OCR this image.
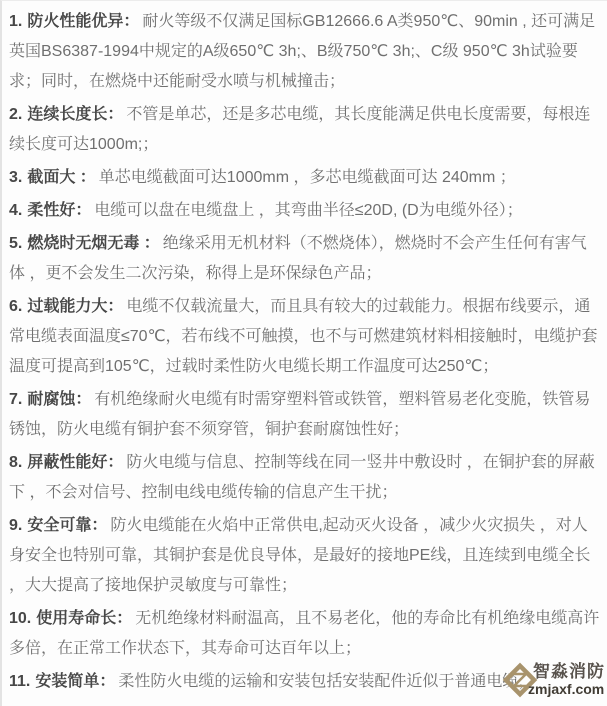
1. 防火性能优异： 耐火等级不仅满足国标GB12666.6 A类950℃、90min , 还可满足英国BS6387-1994中规定的A级650℃ 3h;、B级750℃ 3h;、C级 950℃ 3h试验要求；同时，在燃烧中还能耐受水喷与机械撞击；

2. 连续长度长： 不管是单芯，还是多芯电缆，其长度能满足供电长度需要，每根连续长度可达1000m;；

3. 截面大 ： 单芯电缆截面可达1000mm ，多芯电缆截面可达 240mm ；

4. 柔性好： 电缆可以盘在电缆盘上 ，其弯曲半径≤20D, (D为电缆外径）；

5. 燃烧时无烟无毒 ： 绝缘采用无机材料（不燃烧体），燃烧时不会产生任何有害气体 ，更不会发生二次污染，称得上是环保绿色产品；

6. 过载能力大： 电缆不仅载流量大，而且具有较大的过载能力。根据布线要示，通常电缆表面温度≤70℃，若布线不可触摸，也不与可燃建筑材料相接触时，电缆护套温度可提高到105℃，过载时柔性防火电缆长期工作温度可达250℃；

7. 耐腐蚀： 有机绝缘耐火电缆有时需穿塑料管或铁管，塑料管易老化变脆，铁管易锈蚀，防火电缆有铜护套不须穿管，铜护套耐腐蚀性好；

8. 屏蔽性能好： 防火电缆与信息、控制等线在同一竖井中敷设时 ，在铜护套的屏蔽下 ，不会对信号、控制电线电缆传输的信息产生干扰；

9. 安全可靠： 防火电缆能在火焰中正常供电,起动灭火设备 ，减少火灾损失 ，对人身安全也特别可靠，其铜护套是优良导体，是最好的接地PE线，且连续到电缆全长 ，大大提高了接地保护灵敏度与可靠性；

10. 使用寿命长： 无机绝缘材料耐温高，且不易老化，他的寿命比有机绝缘电缆高许多倍，在正常工作状态下，其寿命可达百年以上；

11. 安装简单： 柔性防火电缆的运输和安装包括安装配件近似于普通电缆，

智淼消防
zmjaxf.com
